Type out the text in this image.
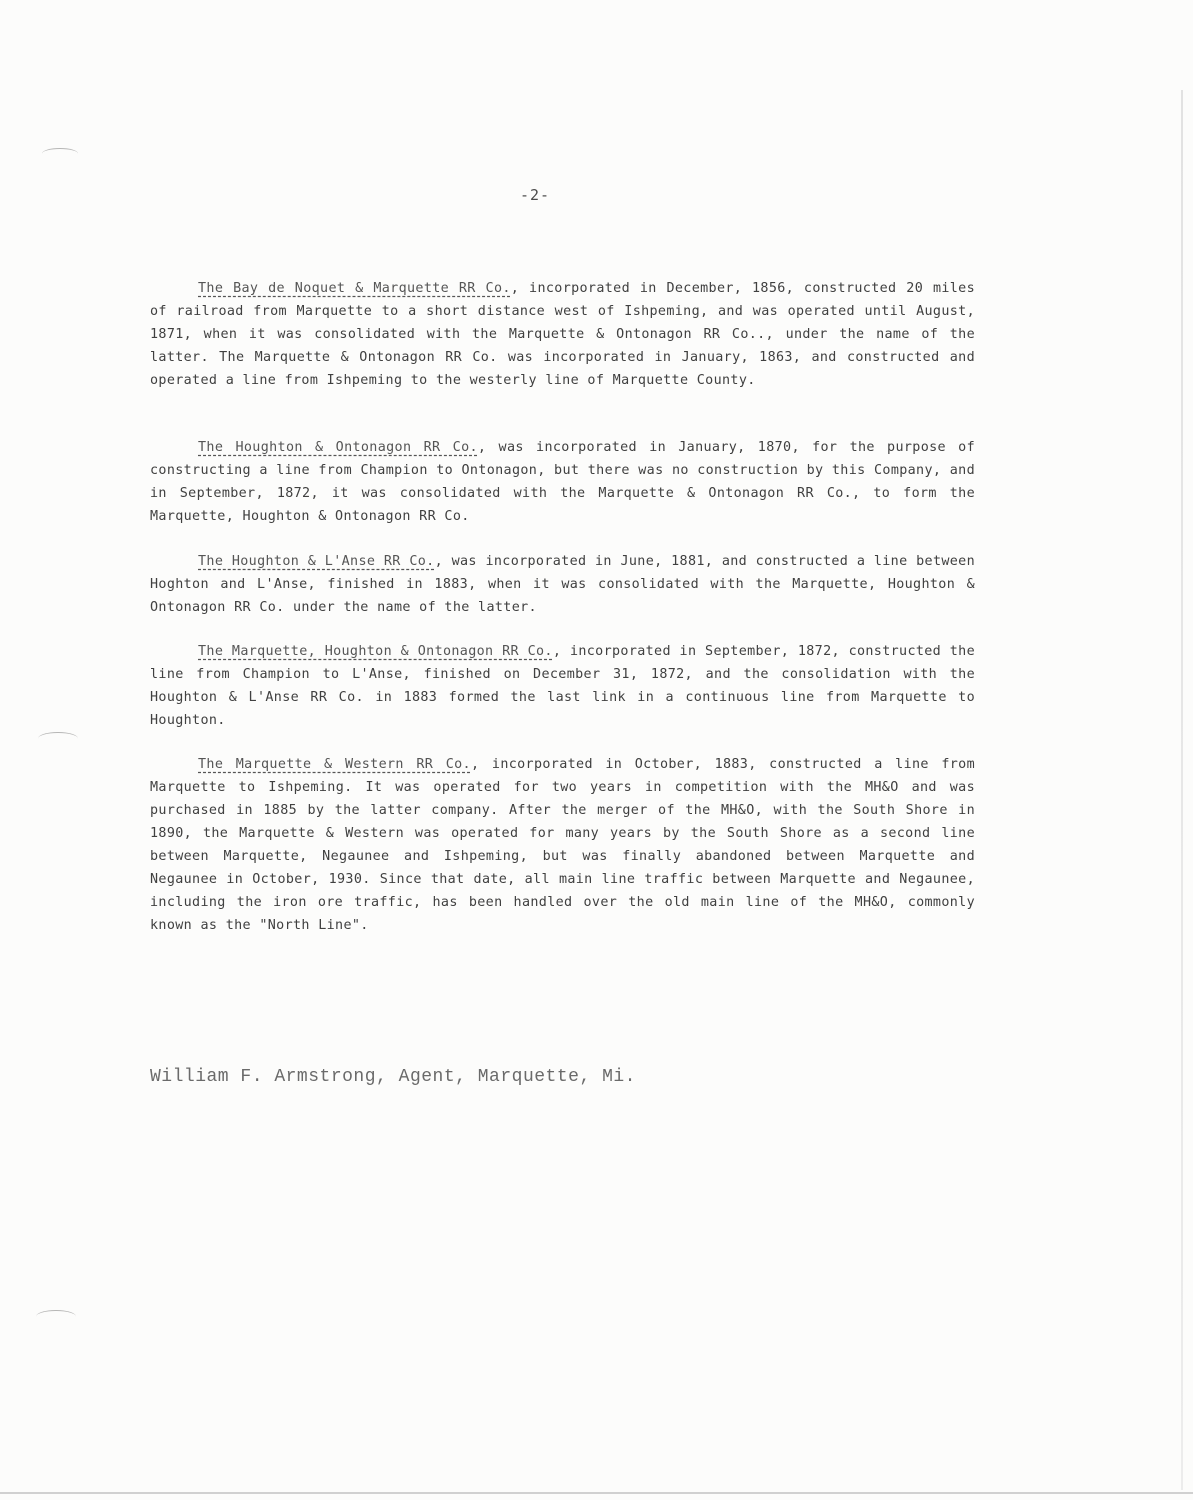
-2-

The Bay de Noquet & Marquette RR Co., incorporated in December, 1856, constructed 20 miles of railroad from Marquette to a short distance west of Ishpeming, and was operated until August, 1871, when it was consolidated with the Marquette & Ontonagon RR Co.., under the name of the latter. The Marquette & Ontonagon RR Co. was incorporated in January, 1863, and constructed and operated a line from Ishpeming to the westerly line of Marquette County.

The Houghton & Ontonagon RR Co., was incorporated in January, 1870, for the purpose of constructing a line from Champion to Ontonagon, but there was no construction by this Company, and in September, 1872, it was consolidated with the Marquette & Ontonagon RR Co., to form the Marquette, Houghton & Ontonagon RR Co.

The Houghton & L'Anse RR Co., was incorporated in June, 1881, and constructed a line between Hoghton and L'Anse, finished in 1883, when it was consolidated with the Marquette, Houghton & Ontonagon RR Co. under the name of the latter.

The Marquette, Houghton & Ontonagon RR Co., incorporated in September, 1872, constructed the line from Champion to L'Anse, finished on December 31, 1872, and the consolidation with the Houghton & L'Anse RR Co. in 1883 formed the last link in a continuous line from Marquette to Houghton.

The Marquette & Western RR Co., incorporated in October, 1883, constructed a line from Marquette to Ishpeming. It was operated for two years in competition with the MH&O and was purchased in 1885 by the latter company. After the merger of the MH&O, with the South Shore in 1890, the Marquette & Western was operated for many years by the South Shore as a second line between Marquette, Negaunee and Ishpeming, but was finally abandoned between Marquette and Negaunee in October, 1930. Since that date, all main line traffic between Marquette and Negaunee, including the iron ore traffic, has been handled over the old main line of the MH&O, commonly known as the "North Line".

William F. Armstrong, Agent, Marquette, Mi.
